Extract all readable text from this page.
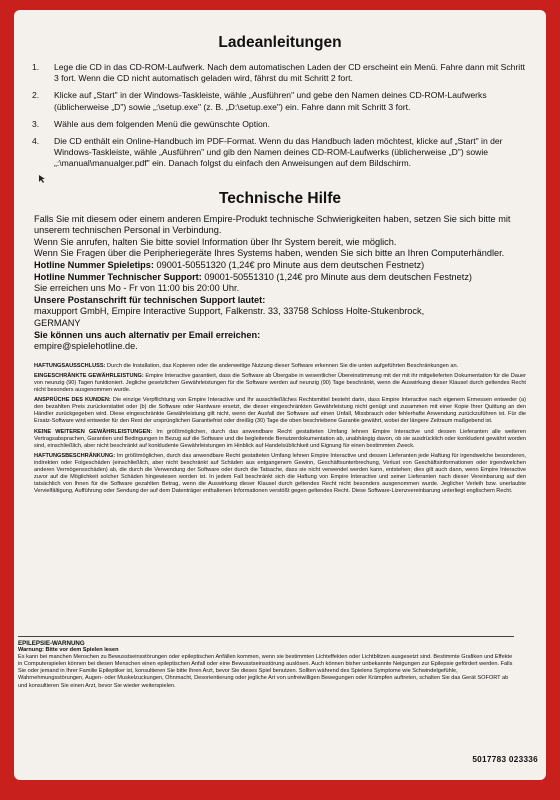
Ladeanleitungen
1.	Lege die CD in das CD-ROM-Laufwerk. Nach dem automatischen Laden der CD erscheint ein Menü. Fahre dann mit Schritt 3 fort. Wenn die CD nicht automatisch geladen wird, fährst du mit Schritt 2 fort.
2.	Klicke auf „Start" in der Windows-Taskleiste, wähle „Ausführen" und gebe den Namen deines CD-ROM-Laufwerks (üblicherweise „D") sowie „:\setup.exe" (z. B. „D:\setup.exe") ein. Fahre dann mit Schritt 3 fort.
3.	Wähle aus dem folgenden Menü die gewünschte Option.
4.	Die CD enthält ein Online-Handbuch im PDF-Format. Wenn du das Handbuch laden möchtest, klicke auf „Start" in der Windows-Taskleiste, wähle „Ausführen" und gib den Namen deines CD-ROM-Laufwerks (üblicherweise „D") sowie „:\manual\manualger.pdf" ein. Danach folgst du einfach den Anweisungen auf dem Bildschirm.
Technische Hilfe

Falls Sie mit diesem oder einem anderen Empire-Produkt technische Schwierigkeiten haben, setzen Sie sich bitte mit unserem technischen Personal in Verbindung.

Wenn Sie anrufen, halten Sie bitte soviel Information über Ihr System bereit, wie möglich.

Wenn Sie Fragen über die Peripheriegeräte Ihres Systems haben, wenden Sie sich bitte an Ihren Computerhändler.

Hotline Nummer Spieletips: 09001-50551320 (1,24€ pro Minute aus dem deutschen Festnetz)

Hotline Nummer Technischer Support: 09001-50551310 (1,24€ pro Minute aus dem deutschen Festnetz)

Sie erreichen uns Mo - Fr von 11:00 bis 20:00 Uhr.

Unsere Postanschrift für technischen Support lautet:

maxupport GmbH, Empire Interactive Support, Falkenstr. 33, 33758 Schloss Holte-Stukenbrock,

GERMANY

Sie können uns auch alternativ per Email erreichen:

empire@spielehotline.de.

HAFTUNGSAUSSCHLUSS: Durch die Installation, das Kopieren oder die anderweitige Nutzung dieser Software erkennen Sie die unten aufgeführten Beschränkungen an.

EINGESCHRÄNKTE GEWÄHRLEISTUNG: Empire Interactive garantiert, dass die Software ab Übergabe in wesentlicher Übereinstimmung mit der mit ihr mitgelieferten Dokumentation für die Dauer von neunzig (90) Tagen funktioniert. Jegliche gesetzlichen Gewährleistungen für die Software werden auf neunzig (90) Tage beschränkt, wenn die Auswirkung dieser Klausel durch geltendes Recht nicht besonders ausgenommen wurde.

ANSPRÜCHE DES KUNDEN: Die einzige Verpflichtung von Empire Interactive und Ihr ausschließliches Rechtsmittel besteht darin, dass Empire Interactive nach eigenem Ermessen entweder (a) den bezahlten Preis zurückerstattet oder (b) die Software oder Hardware ersetzt, die dieser eingeschränkten Gewährleistung nicht genügt und zusammen mit einer Kopie Ihrer Quittung an den Händler zurückgegeben wird. Diese eingeschränkte Gewährleistung gilt nicht, wenn der Ausfall der Software auf einen Unfall, Missbrauch oder fehlerhafte Anwendung zurückzuführen ist. Für die Ersatz-Software wird entweder für den Rest der ursprünglichen Garantiefrist oder dreißig (30) Tage die oben beschriebene Garantie gewährt, wobei der längere Zeitraum maßgebend ist.

KEINE WEITEREN GEWÄHRLEISTUNGEN: Im größtmöglichen, durch das anwendbare Recht gestatteten Umfang lehnen Empire Interactive und dessen Lieferanten alle weiteren Vertragsabsprachen, Garantien und Bedingungen in Bezug auf die Software und die begleitende Benutzerdokumentation ab, unabhängig davon, ob sie ausdrücklich oder konkludent gewährt worden sind, einschließlich, aber nicht beschränkt auf konkludente Gewährleistungen im Hinblick auf Handelsüblichkeit und Eignung für einen bestimmten Zweck.

HAFTUNGSBESCHRÄNKUNG: Im größtmöglichen, durch das anwendbare Recht gestatteten Umfang lehnen Empire Interactive und dessen Lieferanten jede Haftung für irgendwelche besonderen, indirekten oder Folgeschäden (einschließlich, aber nicht beschränkt auf Schäden aus entgangenem Gewinn, Geschäftsunterbrechung, Verlust von Geschäftsinformationen oder irgendwelchen anderen Vermögensschäden) ab, die durch die Verwendung der Software oder durch die Tatsache, dass sie nicht verwendet werden kann, entstehen; dies gilt auch dann, wenn Empire Interactive zuvor auf die Möglichkeit solcher Schäden hingewiesen worden ist. In jedem Fall beschränkt sich die Haftung von Empire Interactive und seiner Lieferanten nach dieser Vereinbarung auf den tatsächlich von Ihnen für die Software gezahlten Betrag, wenn die Auswirkung dieser Klausel durch geltendes Recht nicht besonders ausgenommen wurde. Jeglicher Verleih bzw. unerlaubte Vervielfältigung, Aufführung oder Sendung der auf dem Datenträger enthaltenen Informationen verstößt gegen geltendes Recht. Diese Software-Lizenzvereinbarung unterliegt englischem Recht.

EPILEPSIE-WARNUNG
Warnung: Bitte vor dem Spielen lesen
Es kann bei manchen Menschen zu Bewusstseinsstörungen oder epileptischen Anfällen kommen, wenn sie bestimmten Lichteffekten oder Lichtblitzen ausgesetzt sind. Bestimmte Grafiken und Effekte in Computerspielen können bei diesen Menschen einen epileptischen Anfall oder eine Bewusstseinsstörung auslösen. Auch können bisher unbekannte Neigungen zur Epilepsie gefördert werden. Falls Sie oder jemand in Ihrer Familie Epileptiker ist, konsultieren Sie bitte Ihren Arzt, bevor Sie dieses Spiel benutzen. Sollten während des Spielens Symptome wie Schwindelgefühle, Wahrnehmungsstörungen, Augen- oder Muskelzuckungen, Ohnmacht, Desorientierung oder jegliche Art von unfreiwilligen Bewegungen oder Krämpfen auftreten, schalten Sie das Gerät SOFORT ab und konsultieren Sie einen Arzt, bevor Sie wieder weiterspielen.
5017783 023336
